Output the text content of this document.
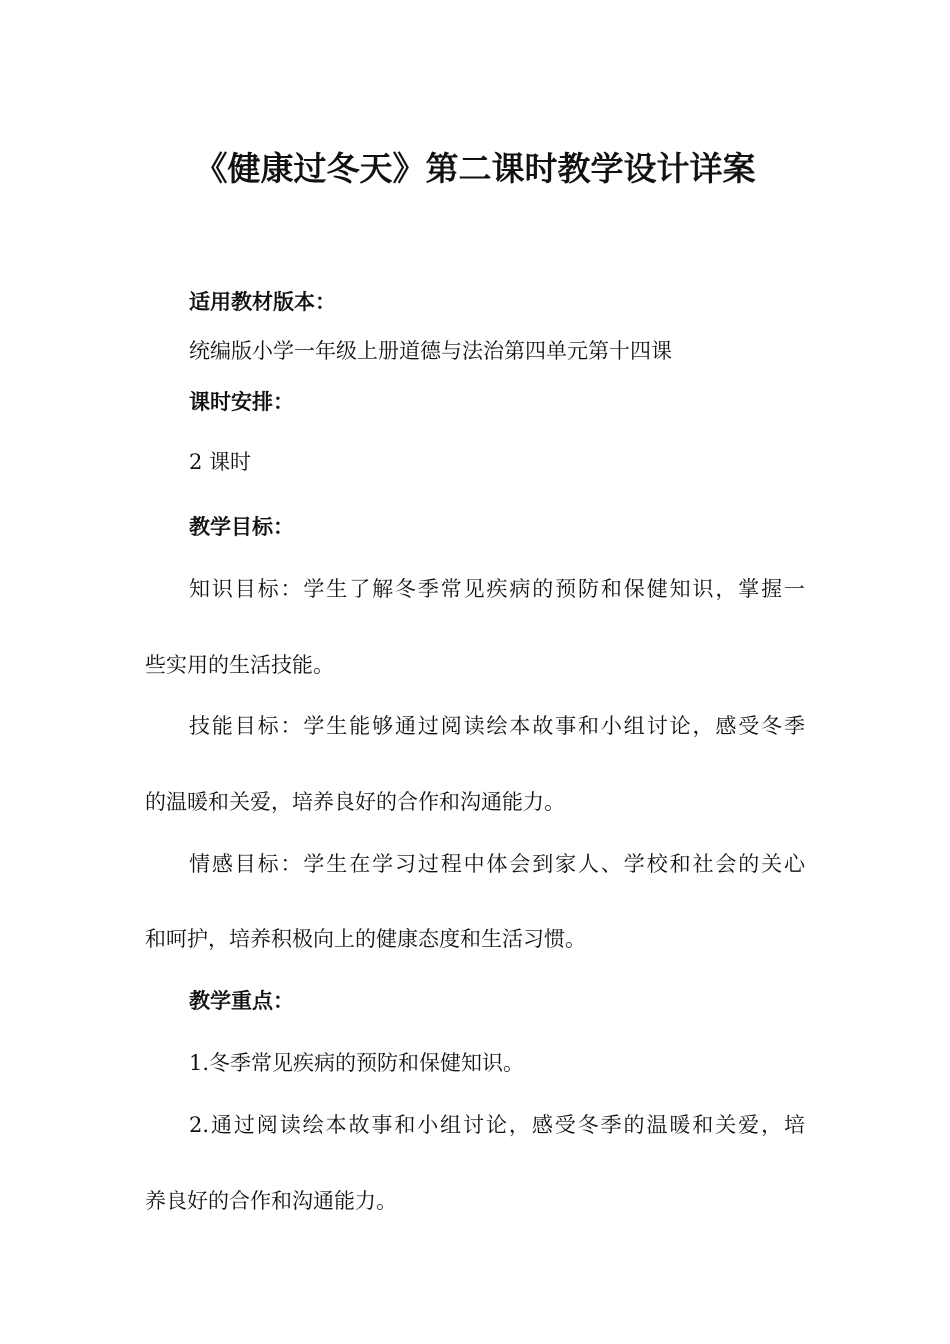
《健康过冬天》第二课时教学设计详案

适用教材版本：

统编版小学一年级上册道德与法治第四单元第十四课

课时安排：

2 课时

教学目标：

知识目标：学生了解冬季常见疾病的预防和保健知识，掌握一

些实用的生活技能。

技能目标：学生能够通过阅读绘本故事和小组讨论，感受冬季

的温暖和关爱，培养良好的合作和沟通能力。

情感目标：学生在学习过程中体会到家人、学校和社会的关心

和呵护，培养积极向上的健康态度和生活习惯。

教学重点：

1.冬季常见疾病的预防和保健知识。

2.通过阅读绘本故事和小组讨论，感受冬季的温暖和关爱，培

养良好的合作和沟通能力。
